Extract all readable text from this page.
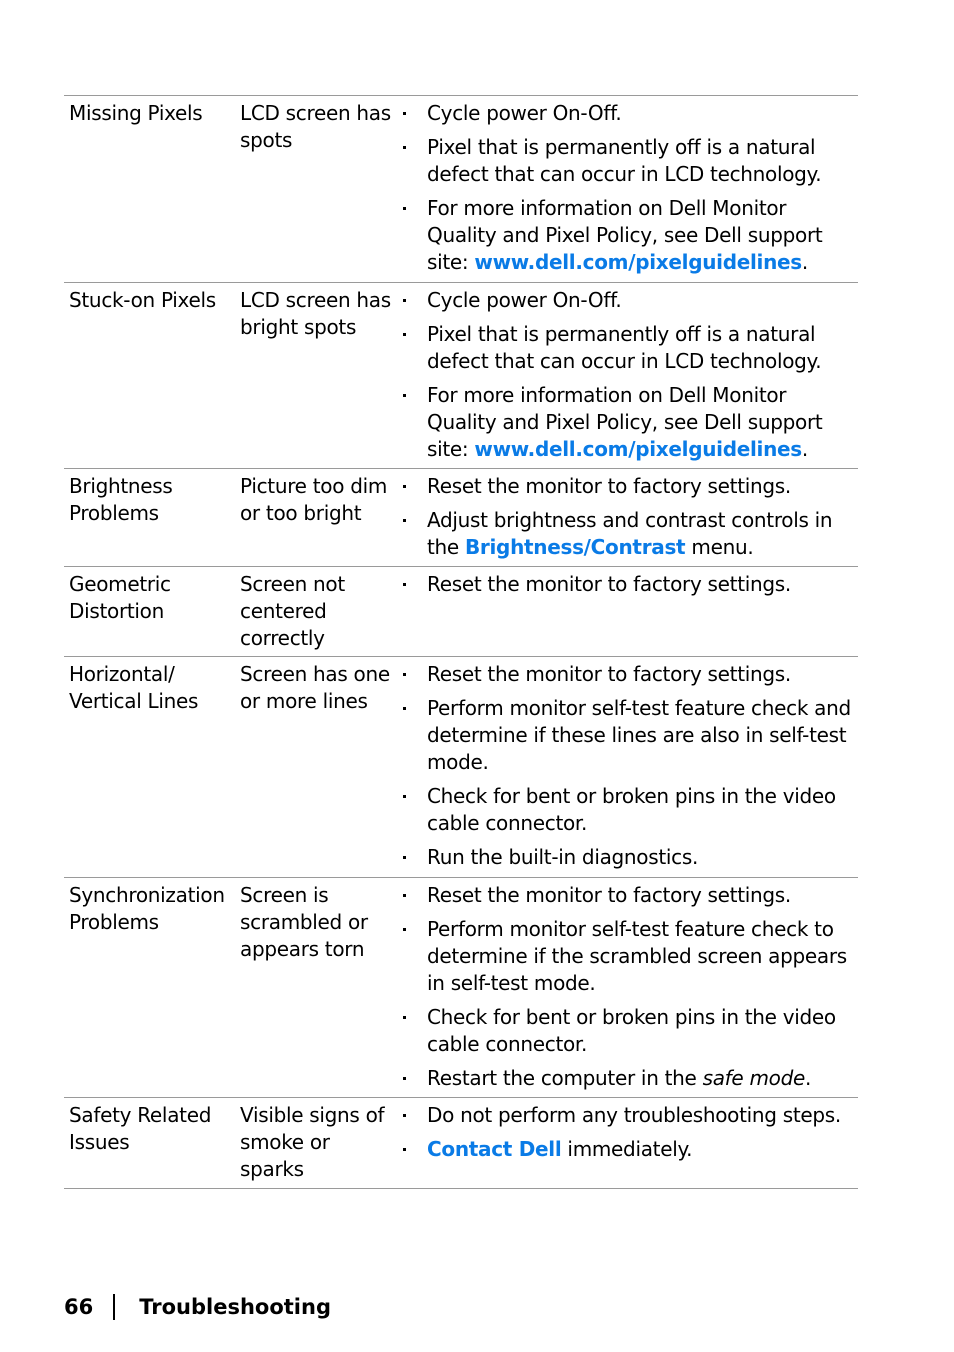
Missing Pixels	LCD screen has spots
Cycle power On-Off.
Pixel that is permanently off is a natural defect that can occur in LCD technology.
For more information on Dell Monitor Quality and Pixel Policy, see Dell support site: www.dell.com/pixelguidelines.
Stuck-on Pixels	LCD screen has bright spots
Cycle power On-Off.
Pixel that is permanently off is a natural defect that can occur in LCD technology.
For more information on Dell Monitor Quality and Pixel Policy, see Dell support site: www.dell.com/pixelguidelines.
Brightness Problems
Picture too dim or too bright
Reset the monitor to factory settings.
Adjust brightness and contrast controls in the Brightness/Contrast menu.
Geometric Distortion
Screen not centered correctly
Reset the monitor to factory settings.
Horizontal/ Vertical Lines
Screen has one or more lines
Reset the monitor to factory settings.
Perform monitor self-test feature check and determine if these lines are also in self-test mode.
Check for bent or broken pins in the video cable connector.
Run the built-in diagnostics.
Synchronization Problems
Screen is scrambled or appears torn
Reset the monitor to factory settings.
Perform monitor self-test feature check to determine if the scrambled screen appears in self-test mode.
Check for bent or broken pins in the video cable connector.
Restart the computer in the safe mode.
Safety Related Issues
Visible signs of smoke or sparks
Do not perform any troubleshooting steps.
Contact Dell immediately.
66 Troubleshooting
